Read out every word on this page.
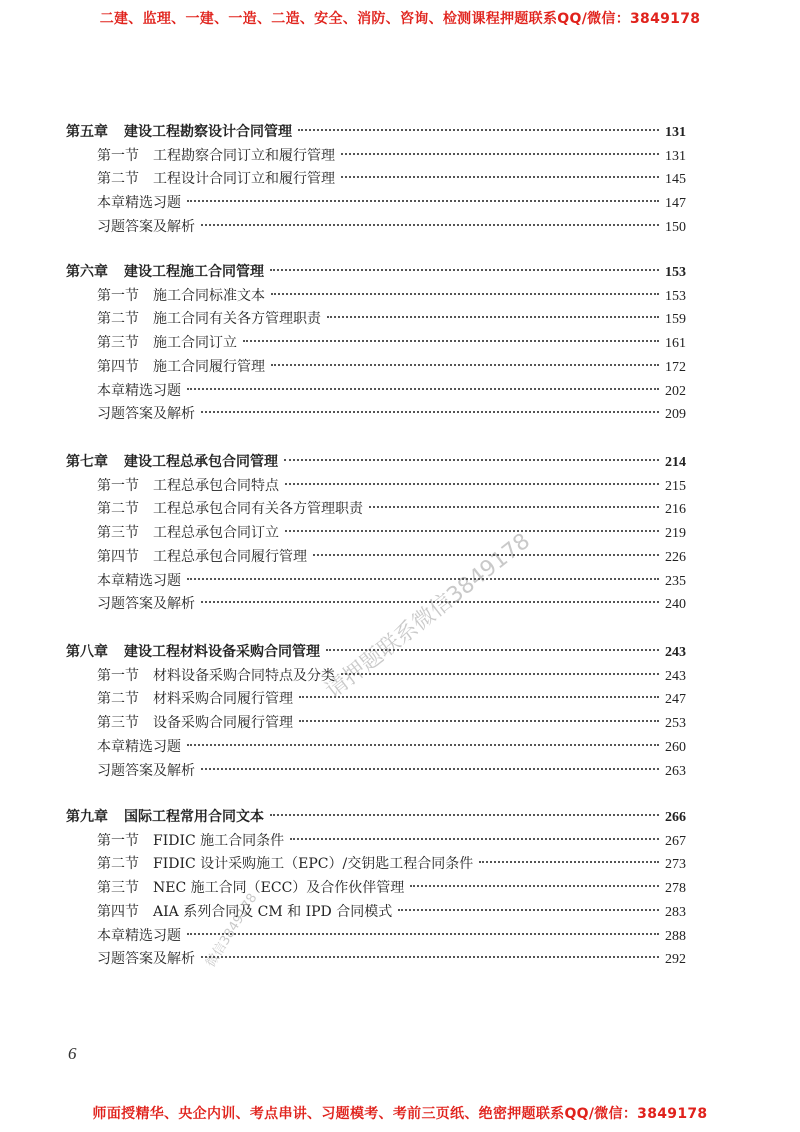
二建、监理、一建、一造、二造、安全、消防、咨询、检测课程押题联系QQ/微信：3849178
第五章 建设工程勘察设计合同管理	131
第一节 工程勘察合同订立和履行管理	131
第二节 工程设计合同订立和履行管理	145
本章精选习题	147
习题答案及解析	150
第六章 建设工程施工合同管理	153
第一节 施工合同标准文本	153
第二节 施工合同有关各方管理职责	159
第三节 施工合同订立	161
第四节 施工合同履行管理	172
本章精选习题	202
习题答案及解析	209
第七章 建设工程总承包合同管理	214
第一节 工程总承包合同特点	215
第二节 工程总承包合同有关各方管理职责	216
第三节 工程总承包合同订立	219
第四节 工程总承包合同履行管理	226
本章精选习题	235
习题答案及解析	240
第八章 建设工程材料设备采购合同管理	243
第一节 材料设备采购合同特点及分类	243
第二节 材料采购合同履行管理	247
第三节 设备采购合同履行管理	253
本章精选习题	260
习题答案及解析	263
第九章 国际工程常用合同文本	266
第一节 FIDIC 施工合同条件	267
第二节 FIDIC 设计采购施工（EPC）/交钥匙工程合同条件	273
第三节 NEC 施工合同（ECC）及合作伙伴管理	278
第四节 AIA 系列合同及 CM 和 IPD 合同模式	283
本章精选习题	288
习题答案及解析	292
请押题联系微信3849178
微信3849178
6
师面授精华、央企内训、考点串讲、习题模考、考前三页纸、绝密押题联系QQ/微信：3849178
